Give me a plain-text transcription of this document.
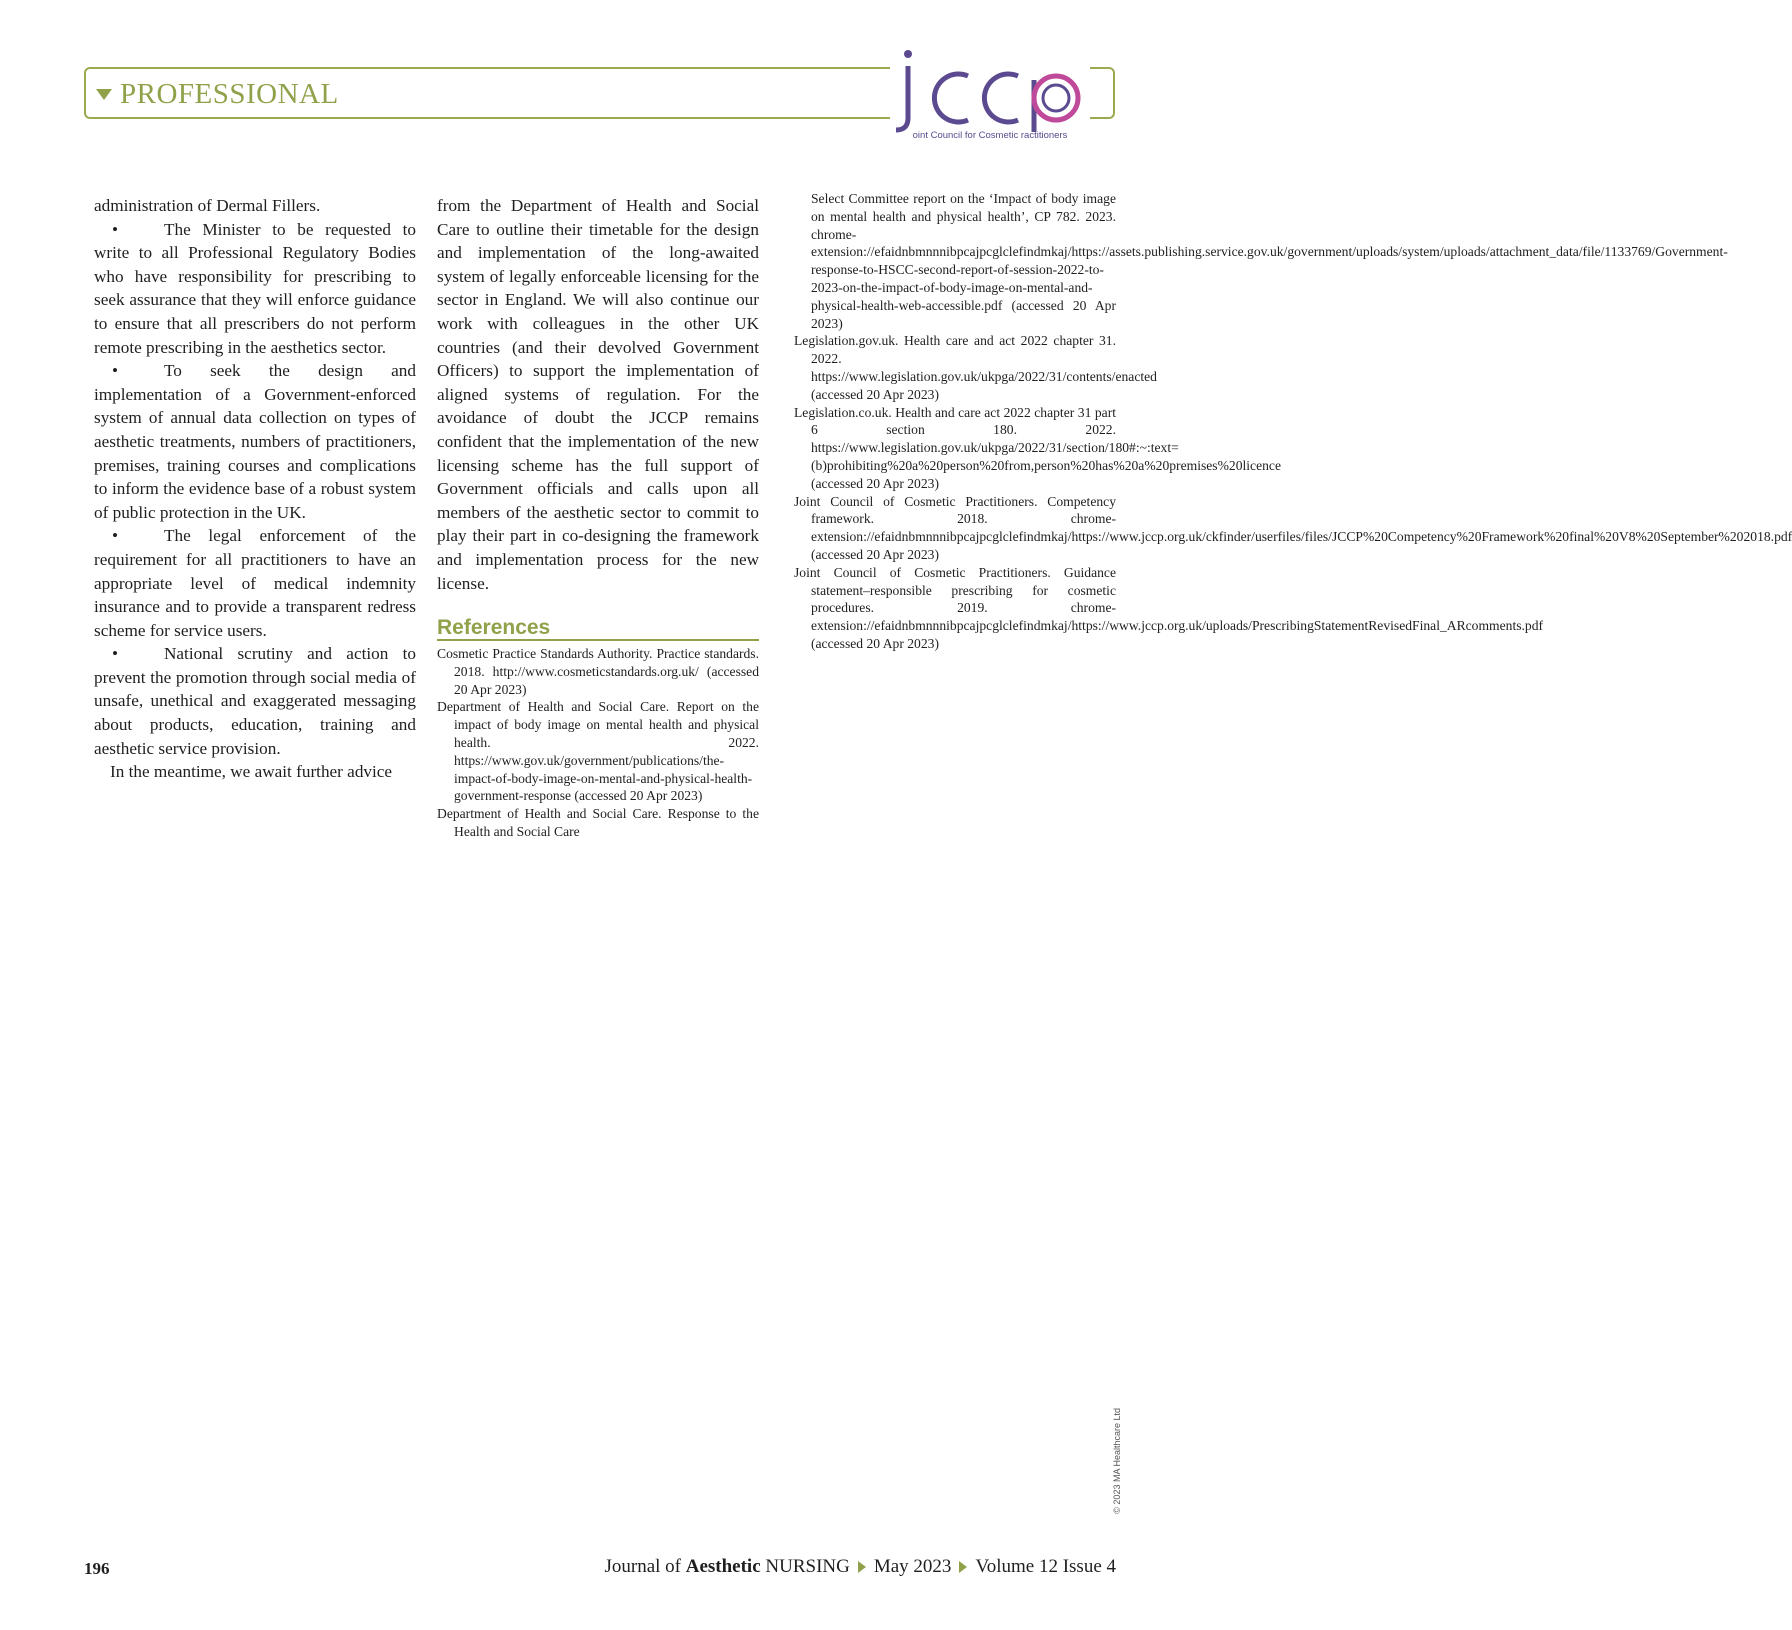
PROFESSIONAL
oint Council for Cosmetic ractitioners

administration of Dermal Fillers.

•	The Minister to be requested to write to all Professional Regulatory Bodies who have responsibility for prescribing to seek assurance that they will enforce guidance to ensure that all prescribers do not perform remote prescribing in the aesthetics sector.

•	To seek the design and implementation of a Government-enforced system of annual data collection on types of aesthetic treatments, numbers of practitioners, premises, training courses and complications to inform the evidence base of a robust system of public protection in the UK.

•	The legal enforcement of the requirement for all practitioners to have an appropriate level of medical indemnity insurance and to provide a transparent redress scheme for service users.

•	National scrutiny and action to prevent the promotion through social media of unsafe, unethical and exaggerated messaging about products, education, training and aesthetic service provision.

In the meantime, we await further advice

from the Department of Health and Social Care to outline their timetable for the design and implementation of the long-awaited system of legally enforceable licensing for the sector in England. We will also continue our work with colleagues in the other UK countries (and their devolved Government Officers) to support the implementation of aligned systems of regulation. For the avoidance of doubt the JCCP remains confident that the implementation of the new licensing scheme has the full support of Government officials and calls upon all members of the aesthetic sector to commit to play their part in co-designing the framework and implementation process for the new license.

References

Cosmetic Practice Standards Authority. Practice standards. 2018. http://www.cosmeticstandards.org.uk/ (accessed 20 Apr 2023)

Department of Health and Social Care. Report on the impact of body image on mental health and physical health. 2022. https://www.gov.uk/government/publications/the-impact-of-body-image-on-mental-and-physical-health-government-response (accessed 20 Apr 2023)

Department of Health and Social Care. Response to the Health and Social Care

Select Committee report on the ‘Impact of body image on mental health and physical health’, CP 782. 2023. chrome-extension://efaidnbmnnnibpcajpcglclefindmkaj/https://assets.publishing.service.gov.uk/government/uploads/system/uploads/attachment_data/file/1133769/Government-response-to-HSCC-second-report-of-session-2022-to-2023-on-the-impact-of-body-image-on-mental-and-physical-health-web-accessible.pdf (accessed 20 Apr 2023)

Legislation.gov.uk. Health care and act 2022 chapter 31. 2022. https://www.legislation.gov.uk/ukpga/2022/31/contents/enacted (accessed 20 Apr 2023)

Legislation.co.uk. Health and care act 2022 chapter 31 part 6 section 180. 2022. https://www.legislation.gov.uk/ukpga/2022/31/section/180#:~:text=(b)prohibiting%20a%20person%20from,person%20has%20a%20premises%20licence (accessed 20 Apr 2023)

Joint Council of Cosmetic Practitioners. Competency framework. 2018. chrome-extension://efaidnbmnnnibpcajpcglclefindmkaj/https://www.jccp.org.uk/ckfinder/userfiles/files/JCCP%20Competency%20Framework%20final%20V8%20September%202018.pdf (accessed 20 Apr 2023)

Joint Council of Cosmetic Practitioners. Guidance statement–responsible prescribing for cosmetic procedures. 2019. chrome-extension://efaidnbmnnnibpcajpcglclefindmkaj/https://www.jccp.org.uk/uploads/PrescribingStatementRevisedFinal_ARcomments.pdf (accessed 20 Apr 2023)

© 2023 MA Healthcare Ltd
196	Journal of Aesthetic NURSING May 2023 Volume 12 Issue 4
